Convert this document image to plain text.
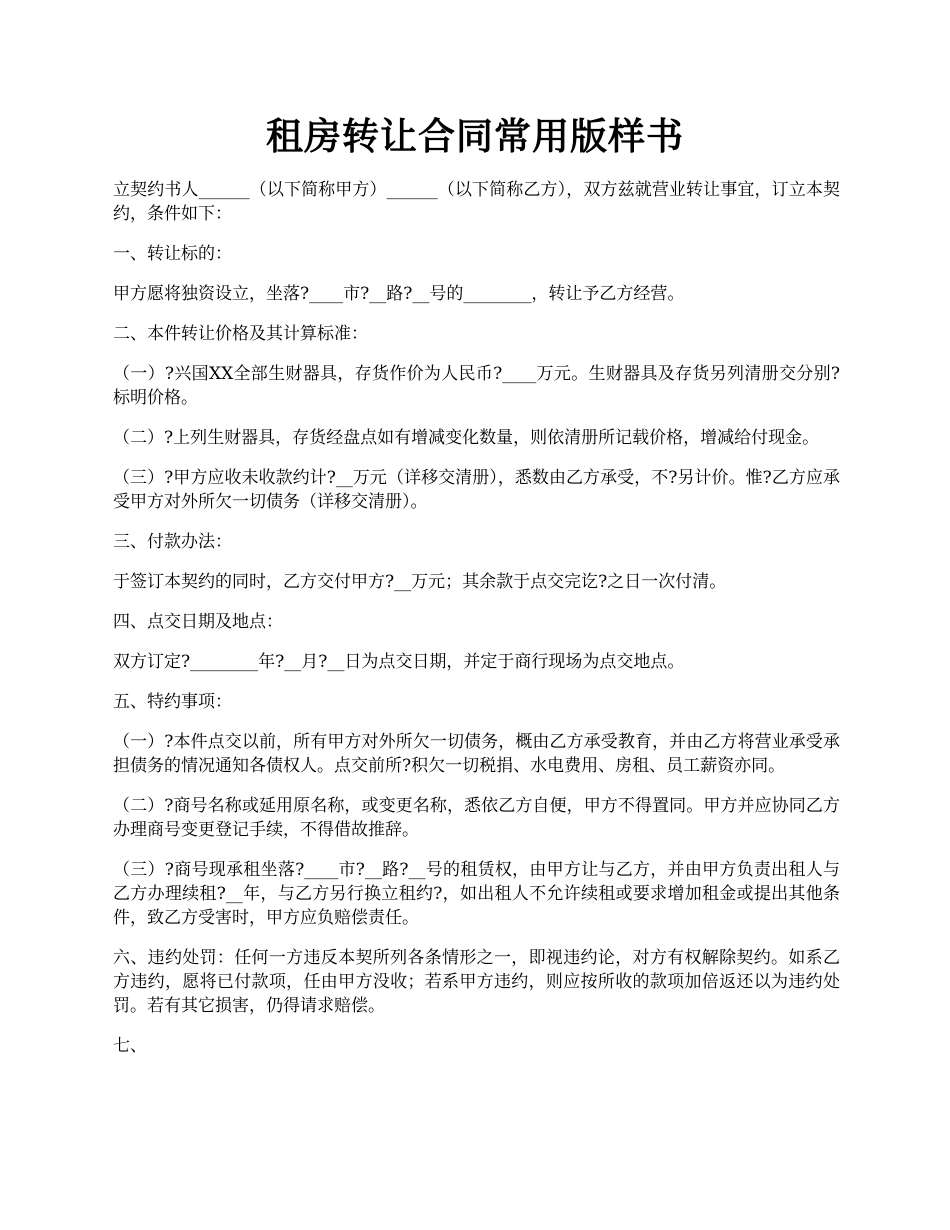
租房转让合同常用版样书

立契约书人______（以下简称甲方）______（以下简称乙方），双方兹就营业转让事宜，订立本契约，条件如下：

一、转让标的：

甲方愿将独资设立，坐落?____市?__路?__号的________，转让予乙方经营。

二、本件转让价格及其计算标准：

（一）?兴国XX全部生财器具，存货作价为人民币?____万元。生财器具及存货另列清册交分别?标明价格。

（二）?上列生财器具，存货经盘点如有增减变化数量，则依清册所记载价格，增减给付现金。

（三）?甲方应收未收款约计?__万元（详移交清册），悉数由乙方承受，不?另计价。惟?乙方应承受甲方对外所欠一切债务（详移交清册）。

三、付款办法：

于签订本契约的同时，乙方交付甲方?__万元；其余款于点交完讫?之日一次付清。

四、点交日期及地点：

双方订定?________年?__月?__日为点交日期，并定于商行现场为点交地点。

五、特约事项：

（一）?本件点交以前，所有甲方对外所欠一切债务，概由乙方承受教育，并由乙方将营业承受承担债务的情况通知各债权人。点交前所?积欠一切税捐、水电费用、房租、员工薪资亦同。

（二）?商号名称或延用原名称，或变更名称，悉依乙方自便，甲方不得置同。甲方并应协同乙方办理商号变更登记手续，不得借故推辞。

（三）?商号现承租坐落?____市?__路?__号的租赁权，由甲方让与乙方，并由甲方负责出租人与乙方办理续租?__年，与乙方另行换立租约?，如出租人不允许续租或要求增加租金或提出其他条件，致乙方受害时，甲方应负赔偿责任。

六、违约处罚：任何一方违反本契所列各条情形之一，即视违约论，对方有权解除契约。如系乙方违约，愿将已付款项，任由甲方没收；若系甲方违约，则应按所收的款项加倍返还以为违约处罚。若有其它损害，仍得请求赔偿。

七、
